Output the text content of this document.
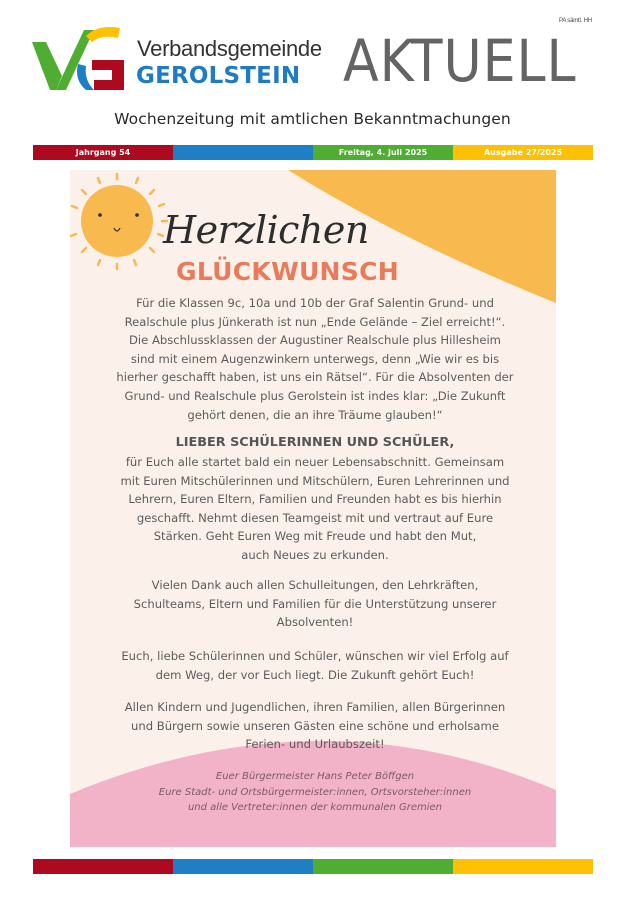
PA sämtl. HH
Verbandsgemeinde
GEROLSTEIN AKTUELL
Wochenzeitung mit amtlichen Bekanntmachungen
Jahrgang 54	Freitag, 4. Juli 2025	Ausgabe 27/2025
Herzlichen
GLÜCKWUNSCH
Für die Klassen 9c, 10a und 10b der Graf Salentin Grund- und
Realschule plus Jünkerath ist nun „Ende Gelände – Ziel erreicht!“.
Die Abschlussklassen der Augustiner Realschule plus Hillesheim
sind mit einem Augenzwinkern unterwegs, denn „Wie wir es bis
hierher geschafft haben, ist uns ein Rätsel“. Für die Absolventen der
Grund- und Realschule plus Gerolstein ist indes klar: „Die Zukunft
gehört denen, die an ihre Träume glauben!“
LIEBER SCHÜLERINNEN UND SCHÜLER,
für Euch alle startet bald ein neuer Lebensabschnitt. Gemeinsam
mit Euren Mitschülerinnen und Mitschülern, Euren Lehrerinnen und
Lehrern, Euren Eltern, Familien und Freunden habt es bis hierhin
geschafft. Nehmt diesen Teamgeist mit und vertraut auf Eure
Stärken. Geht Euren Weg mit Freude und habt den Mut,
auch Neues zu erkunden.
Vielen Dank auch allen Schulleitungen, den Lehrkräften,
Schulteams, Eltern und Familien für die Unterstützung unserer
Absolventen!
Euch, liebe Schülerinnen und Schüler, wünschen wir viel Erfolg auf
dem Weg, der vor Euch liegt. Die Zukunft gehört Euch!
Allen Kindern und Jugendlichen, ihren Familien, allen Bürgerinnen
und Bürgern sowie unseren Gästen eine schöne und erholsame
Ferien- und Urlaubszeit!
Euer Bürgermeister Hans Peter Böffgen
Eure Stadt- und Ortsbürgermeister:innen, Ortsvorsteher:innen
und alle Vertreter:innen der kommunalen Gremien
